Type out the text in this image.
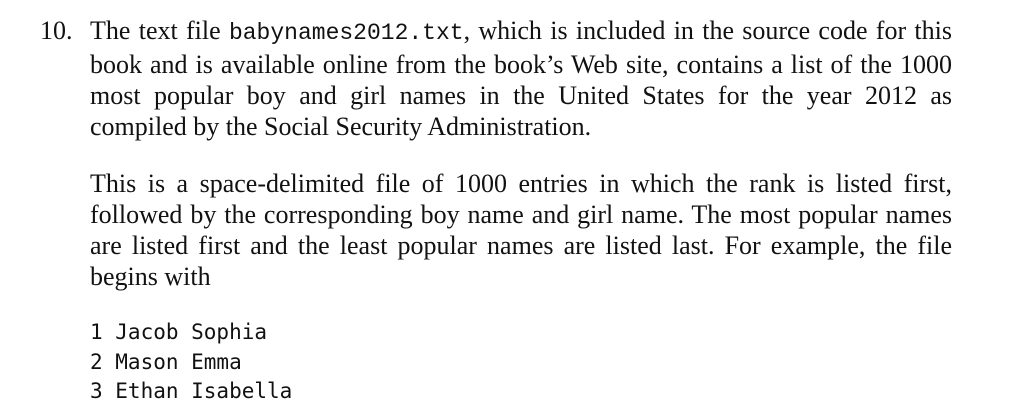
10. The text file babynames2012.txt, which is included in the source code for this book and is available online from the book’s Web site, contains a list of the 1000 most popular boy and girl names in the United States for the year 2012 as compiled by the Social Security Administration.

This is a space-delimited file of 1000 entries in which the rank is listed first, followed by the corresponding boy name and girl name. The most popular names are listed first and the least popular names are listed last. For example, the file begins with

1 Jacob Sophia
2 Mason Emma
3 Ethan Isabella
